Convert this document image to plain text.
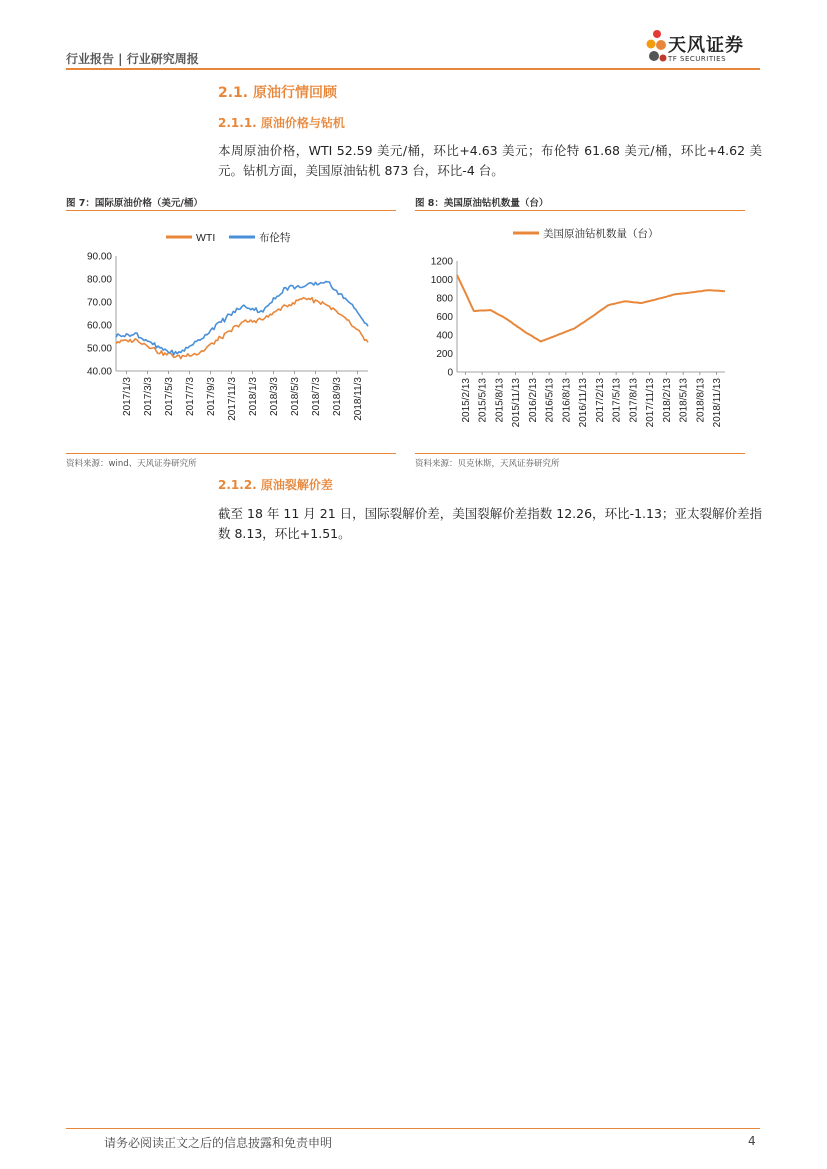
行业报告 | 行业研究周报
天风证券
TF SECURITIES
2.1. 原油行情回顾
2.1.1. 原油价格与钻机
本周原油价格，WTI 52.59 美元/桶，环比+4.63 美元；布伦特 61.68 美元/桶，环比+4.62 美元。钻机方面，美国原油钻机 873 台，环比-4 台。
图 7：国际原油价格（美元/桶）
40.00
50.00
60.00
70.00
80.00
90.00
2017/1/3 2017/3/3 2017/5/3 2017/7/3 2017/9/3 2017/11/3 2018/1/3 2018/3/3 2018/5/3 2018/7/3 2018/9/3 2018/11/3
WTI	布伦特
资料来源：wind、天风证券研究所
图 8：美国原油钻机数量（台）
0
200
400
600
800
1000
1200
2015/2/13 2015/5/13 2015/8/13 2015/11/13 2016/2/13 2016/5/13 2016/8/13 2016/11/13 2017/2/13 2017/5/13 2017/8/13 2017/11/13 2018/2/13 2018/5/13 2018/8/13 2018/11/13
美国原油钻机数量（台）
资料来源：贝克休斯，天风证券研究所
2.1.2. 原油裂解价差
截至 18 年 11 月 21 日，国际裂解价差，美国裂解价差指数 12.26，环比-1.13；亚太裂解价差指数 8.13，环比+1.51。
请务必阅读正文之后的信息披露和免责申明	4
